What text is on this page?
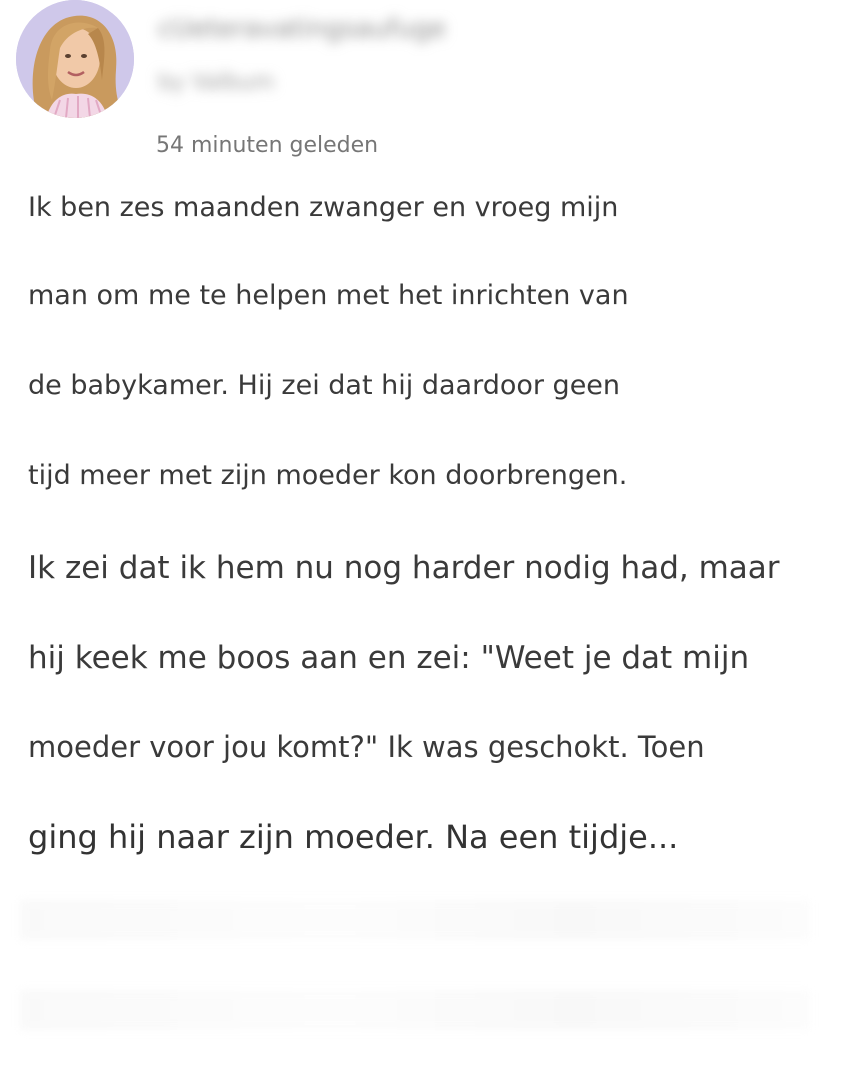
cUeteravatingsaufuge
by Valbum
54 minuten geleden
Ik ben zes maanden zwanger en vroeg mijn
man om me te helpen met het inrichten van
de babykamer. Hij zei dat hij daardoor geen
tijd meer met zijn moeder kon doorbrengen.
Ik zei dat ik hem nu nog harder nodig had, maar
hij keek me boos aan en zei: "Weet je dat mijn
moeder voor jou komt?" Ik was geschokt. Toen
ging hij naar zijn moeder. Na een tijdje...
